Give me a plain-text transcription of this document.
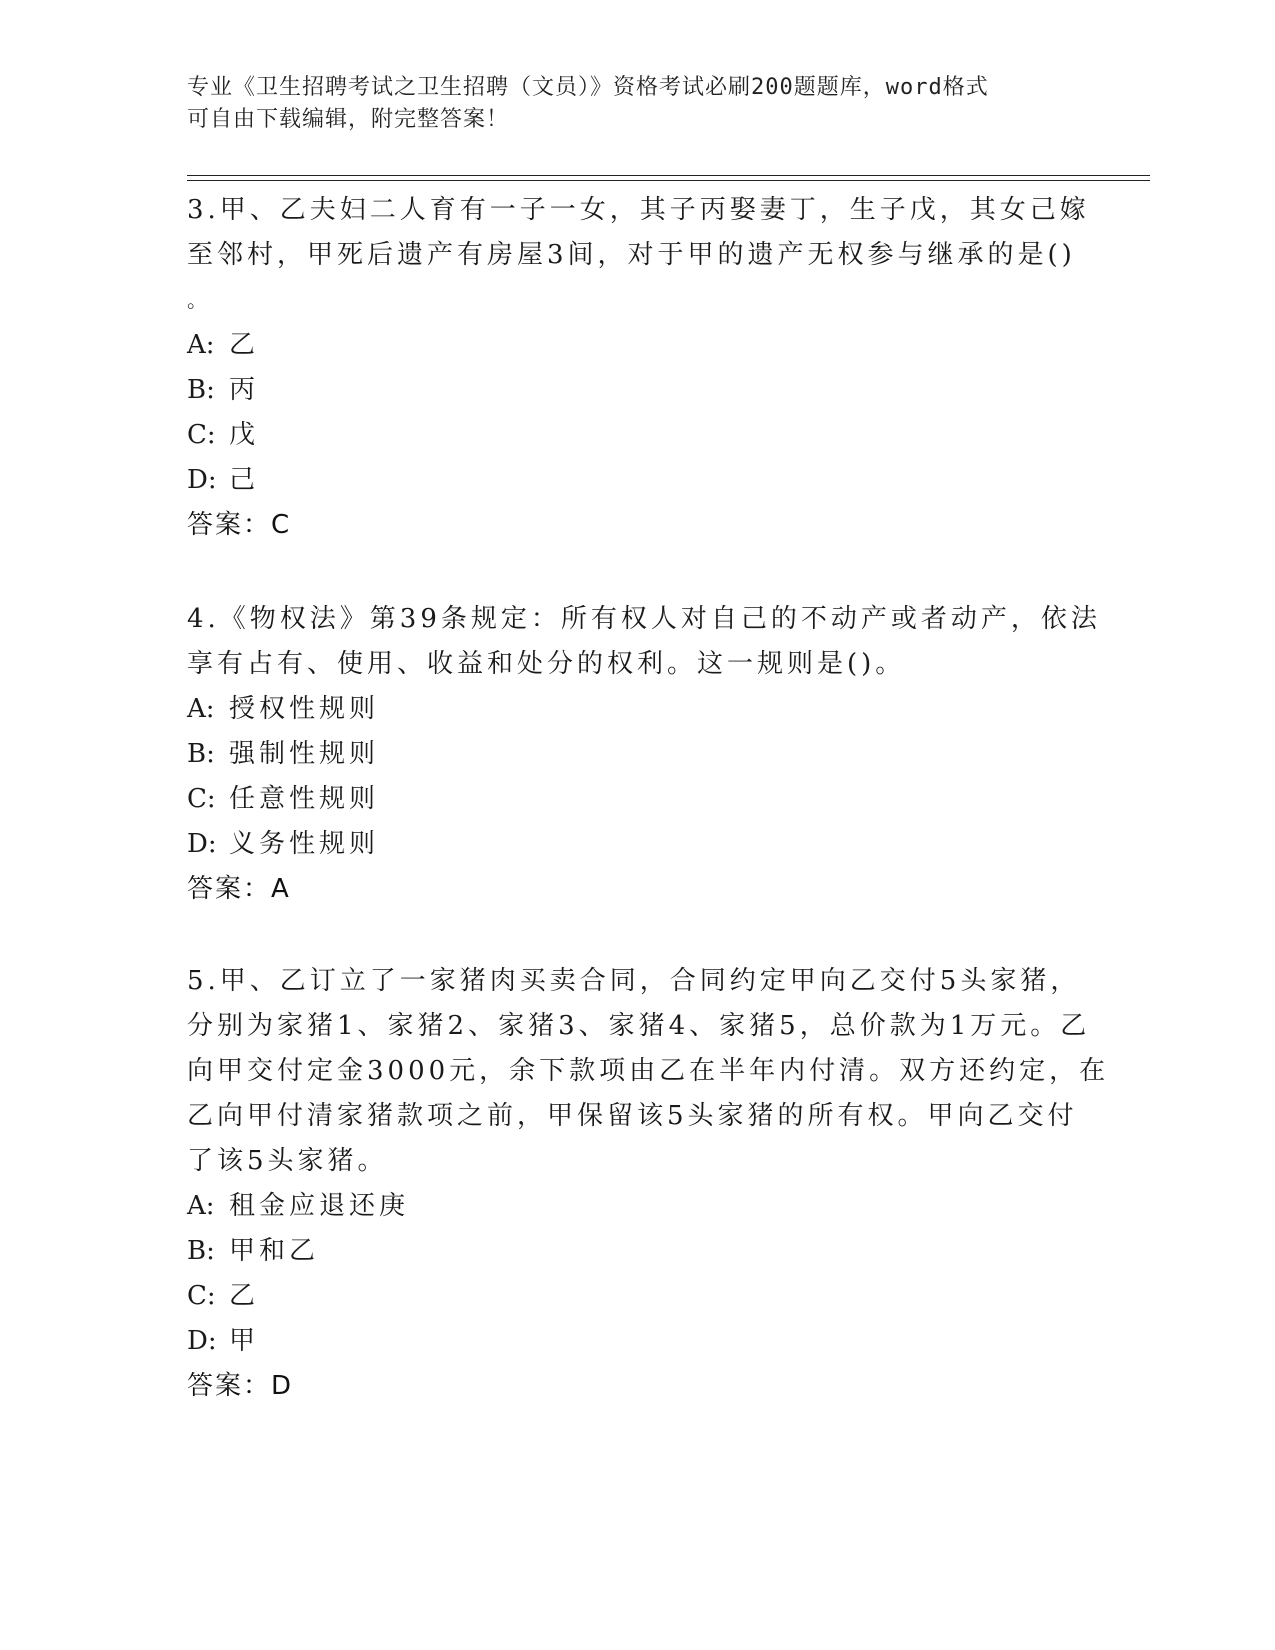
专业《卫生招聘考试之卫生招聘（文员）》资格考试必刷200题题库，word格式
可自由下载编辑，附完整答案！
3.甲、乙夫妇二人育有一子一女，其子丙娶妻丁，生子戊，其女己嫁
至邻村，甲死后遗产有房屋3间，对于甲的遗产无权参与继承的是()
。
A: 乙
B: 丙
C: 戊
D: 己
答案：C
4.《物权法》第39条规定：所有权人对自己的不动产或者动产，依法
享有占有、使用、收益和处分的权利。这一规则是()。
A: 授权性规则
B: 强制性规则
C: 任意性规则
D: 义务性规则
答案：A
5.甲、乙订立了一家猪肉买卖合同，合同约定甲向乙交付5头家猪，
分别为家猪1、家猪2、家猪3、家猪4、家猪5，总价款为1万元。乙
向甲交付定金3000元，余下款项由乙在半年内付清。双方还约定，在
乙向甲付清家猪款项之前，甲保留该5头家猪的所有权。甲向乙交付
了该5头家猪。
A: 租金应退还庚
B: 甲和乙
C: 乙
D: 甲
答案：D
